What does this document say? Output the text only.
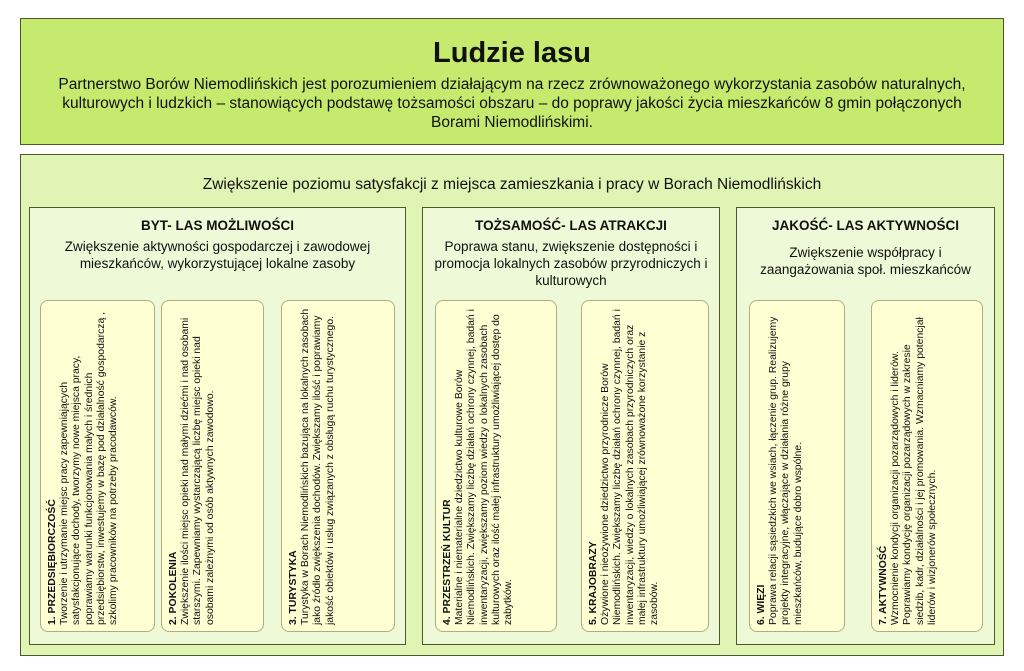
Ludzie lasu
Partnerstwo Borów Niemodlińskich jest porozumieniem działającym na rzecz zrównoważonego wykorzystania zasobów naturalnych, kulturowych i ludzkich – stanowiących podstawę tożsamości obszaru – do poprawy jakości życia mieszkańców 8 gmin połączonych Borami Niemodlińskimi.
Zwiększenie poziomu satysfakcji z miejsca zamieszkania i pracy w Borach Niemodlińskich
BYT- LAS MOŻLIWOŚCI
Zwiększenie aktywności gospodarczej i zawodowej mieszkańców, wykorzystującej lokalne zasoby
1. PRZEDSIĘBIORCZOŚĆ Tworzenie i utrzymanie miejsc pracy zapewniających satysfakcjonujące dochody, tworzymy nowe miejsca pracy, poprawiamy warunki funkcjonowania małych i średnich przedsiębiorstw, inwestujemy w bazę pod działalność gospodarczą , szkolimy pracowników na potrzeby pracodawców.	2. POKOLENIA Zwiększenie ilości miejsc opieki nad małymi dziećmi i nad osobami starszymi. Zapewniamy wystarczającą liczbę miejsc opieki nad osobami zależnymi od osób aktywnych zawodowo.	3. TURYSTYKA Turystyka w Borach Niemodlińskich bazująca na lokalnych zasobach jako źródło zwiększenia dochodów. Zwiększamy ilość i poprawiamy jakość obiektów i usług związanych z obsługą ruchu turystycznego.
TOŻSAMOŚĆ- LAS ATRAKCJI
Poprawa stanu, zwiększenie dostępności i promocja lokalnych zasobów przyrodniczych i kulturowych
4. PRZESTRZEŃ KULTUR Materialne i niematerialne dziedzictwo kulturowe Borów Niemodlińskich. Zwiększamy liczbę działań ochrony czynnej, badań i inwentaryzacji, zwiększamy poziom wiedzy o lokalnych zasobach kulturowych oraz ilość małej infrastruktury umożliwiającej dostęp do zabytków.	5. KRAJOBRAZY Ożywione i nieożywione dziedzictwo przyrodnicze Borów Niemodlińskich. Zwiększamy liczbę działań ochrony czynnej, badań i inwentaryzacji, wiedzy o lokalnych zasobach przyrodniczych oraz małej infrastruktury umożliwiającej zrównoważone korzystanie z zasobów.
JAKOŚĆ- LAS AKTYWNOŚCI
Zwiększenie współpracy i zaangażowania społ. mieszkańców
6. WIĘZI Poprawa relacji sąsiedzkich we wsiach, łączenie grup. Realizujemy projekty integracyjne, włączające w działania różne grupy mieszkańców, budujące dobro wspólne.	7. AKTYWNOŚĆ Wzmocnienie kondycji organizacji pozarządowych i liderów. Poprawiamy kondycję organizacji pozarządowych w zakresie siedzib, kadr, działalności i jej promowania. Wzmacniamy potencjał liderów i wizjonerów społecznych.
